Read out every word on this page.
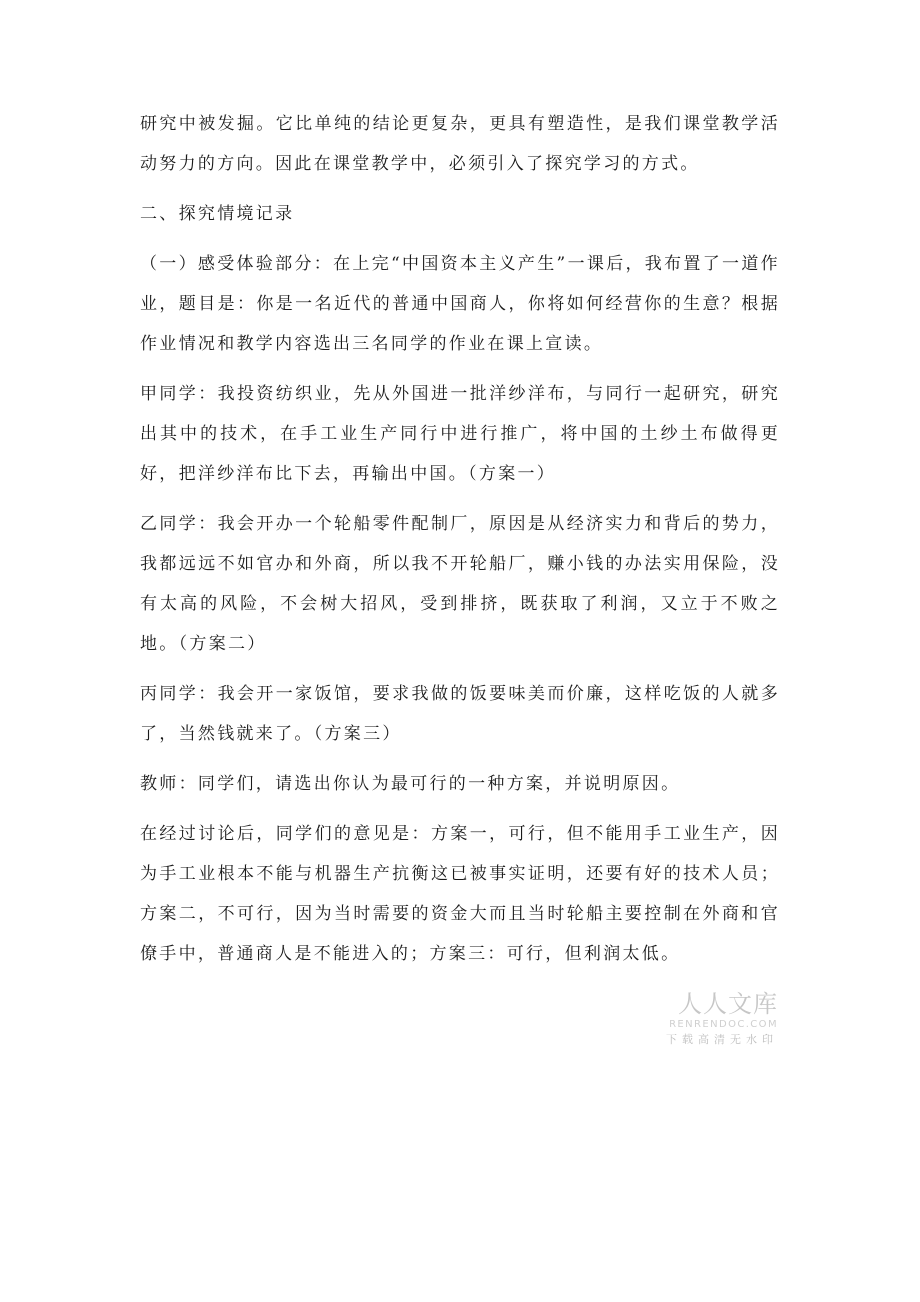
研究中被发掘。它比单纯的结论更复杂，更具有塑造性，是我们课堂教学活动努力的方向。因此在课堂教学中，必须引入了探究学习的方式。

二、探究情境记录

（一）感受体验部分：在上完“中国资本主义产生”一课后，我布置了一道作业，题目是：你是一名近代的普通中国商人，你将如何经营你的生意？根据作业情况和教学内容选出三名同学的作业在课上宣读。

甲同学：我投资纺织业，先从外国进一批洋纱洋布，与同行一起研究，研究出其中的技术，在手工业生产同行中进行推广，将中国的土纱土布做得更好，把洋纱洋布比下去，再输出中国。（方案一）

乙同学：我会开办一个轮船零件配制厂，原因是从经济实力和背后的势力，我都远远不如官办和外商，所以我不开轮船厂，赚小钱的办法实用保险，没有太高的风险，不会树大招风，受到排挤，既获取了利润，又立于不败之地。（方案二）

丙同学：我会开一家饭馆，要求我做的饭要味美而价廉，这样吃饭的人就多了，当然钱就来了。（方案三）

教师：同学们，请选出你认为最可行的一种方案，并说明原因。

在经过讨论后，同学们的意见是：方案一，可行，但不能用手工业生产，因为手工业根本不能与机器生产抗衡这已被事实证明，还要有好的技术人员；方案二，不可行，因为当时需要的资金大而且当时轮船主要控制在外商和官僚手中，普通商人是不能进入的；方案三：可行，但利润太低。

人人文库
RENRENDOC.COM
下载高清无水印
